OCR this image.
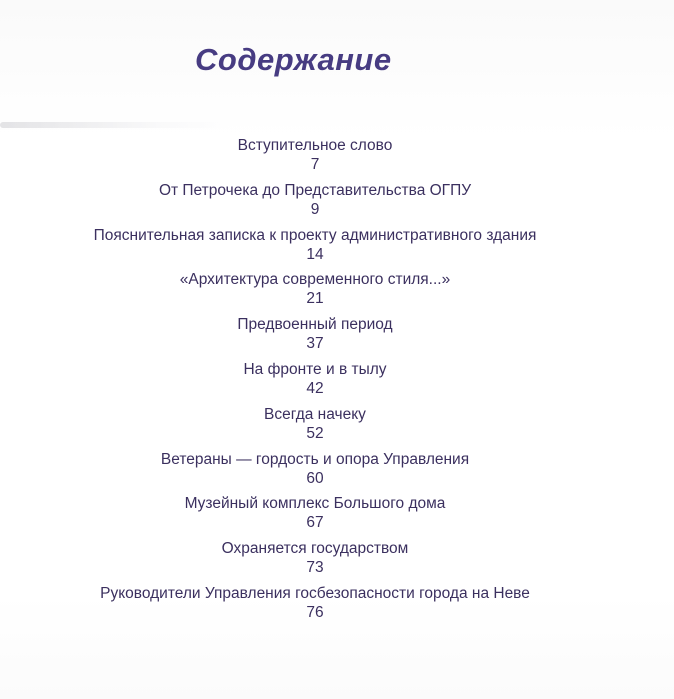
Содержание
Вступительное слово
7
От Петрочека до Представительства ОГПУ
9
Пояснительная записка к проекту административного здания
14
«Архитектура современного стиля...»
21
Предвоенный период
37
На фронте и в тылу
42
Всегда начеку
52
Ветераны — гордость и опора Управления
60
Музейный комплекс Большого дома
67
Охраняется государством
73
Руководители Управления госбезопасности города на Неве
76
